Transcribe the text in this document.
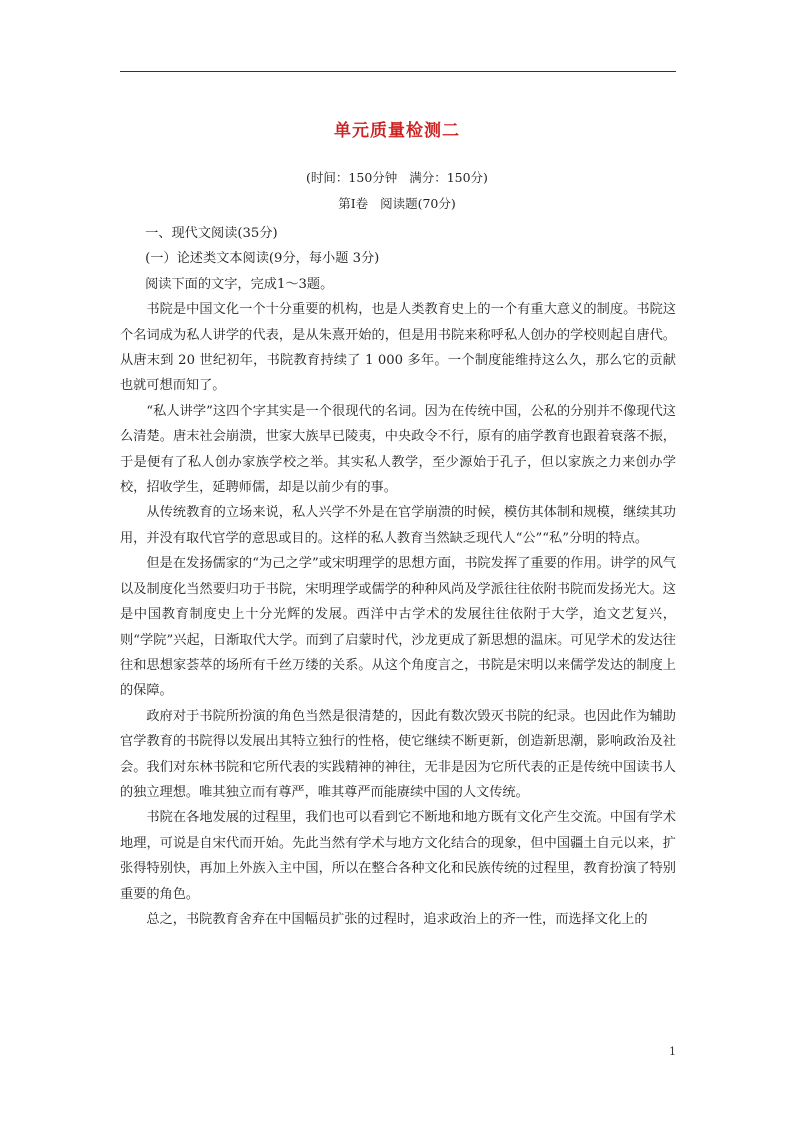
单元质量检测二
(时间：150分钟   满分：150分)
第Ⅰ卷   阅读题(70分)

一、现代文阅读(35分)

(一）论述类文本阅读(9分，每小题 3分)

阅读下面的文字，完成1～3题。

书院是中国文化一个十分重要的机构，也是人类教育史上的一个有重大意义的制度。书院这个名词成为私人讲学的代表，是从朱熹开始的，但是用书院来称呼私人创办的学校则起自唐代。从唐末到 20 世纪初年，书院教育持续了 1 000 多年。一个制度能维持这么久，那么它的贡献也就可想而知了。

“私人讲学”这四个字其实是一个很现代的名词。因为在传统中国，公私的分别并不像现代这么清楚。唐末社会崩溃，世家大族早已陵夷，中央政令不行，原有的庙学教育也跟着衰落不振，于是便有了私人创办家族学校之举。其实私人教学，至少源始于孔子，但以家族之力来创办学校，招收学生，延聘师儒，却是以前少有的事。

从传统教育的立场来说，私人兴学不外是在官学崩溃的时候，模仿其体制和规模，继续其功用，并没有取代官学的意思或目的。这样的私人教育当然缺乏现代人“公”“私”分明的特点。

但是在发扬儒家的“为己之学”或宋明理学的思想方面，书院发挥了重要的作用。讲学的风气以及制度化当然要归功于书院，宋明理学或儒学的种种风尚及学派往往依附书院而发扬光大。这是中国教育制度史上十分光辉的发展。西洋中古学术的发展往往依附于大学，迨文艺复兴，则“学院”兴起，日渐取代大学。而到了启蒙时代，沙龙更成了新思想的温床。可见学术的发达往往和思想家荟萃的场所有千丝万缕的关系。从这个角度言之，书院是宋明以来儒学发达的制度上的保障。

政府对于书院所扮演的角色当然是很清楚的，因此有数次毁灭书院的纪录。也因此作为辅助官学教育的书院得以发展出其特立独行的性格，使它继续不断更新，创造新思潮，影响政治及社会。我们对东林书院和它所代表的实践精神的神往，无非是因为它所代表的正是传统中国读书人的独立理想。唯其独立而有尊严，唯其尊严而能赓续中国的人文传统。

书院在各地发展的过程里，我们也可以看到它不断地和地方既有文化产生交流。中国有学术地理，可说是自宋代而开始。先此当然有学术与地方文化结合的现象，但中国疆土自元以来，扩张得特别快，再加上外族入主中国，所以在整合各种文化和民族传统的过程里，教育扮演了特别重要的角色。

总之，书院教育舍弃在中国幅员扩张的过程时，追求政治上的齐一性，而选择文化上的

1
